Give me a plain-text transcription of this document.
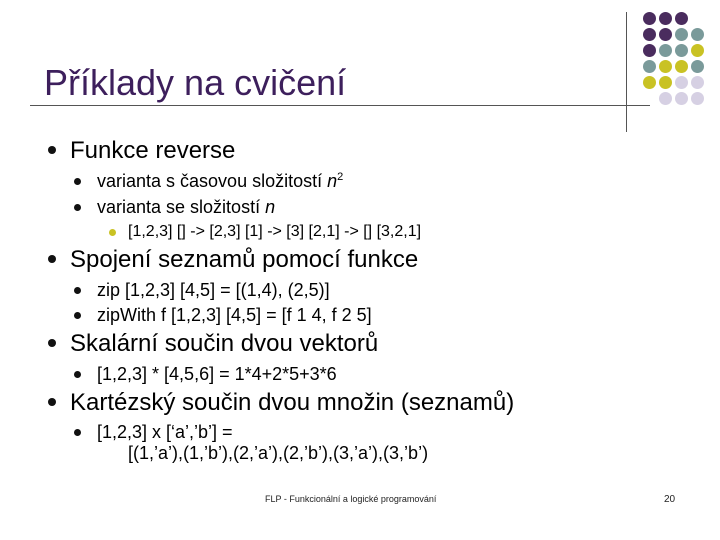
Příklady na cvičení
Funkce reverse
varianta s časovou složitostí $n^2$
varianta se složitostí n
[1,2,3] [] -> [2,3] [1] -> [3] [2,1] -> [] [3,2,1]
Spojení seznamů pomocí funkce
zip [1,2,3] [4,5] = [(1,4), (2,5)]
zipWith f [1,2,3] [4,5] = [f 1 4, f 2 5]
Skalární součin dvou vektorů
[1,2,3] * [4,5,6] = 1*4+2*5+3*6
Kartézský součin dvou množin (seznamů)
[1,2,3] x [‘a’,’b’] =
[(1,’a’),(1,’b’),(2,’a’),(2,’b’),(3,’a’),(3,’b’)
FLP - Funkcionální a logické programování	20
